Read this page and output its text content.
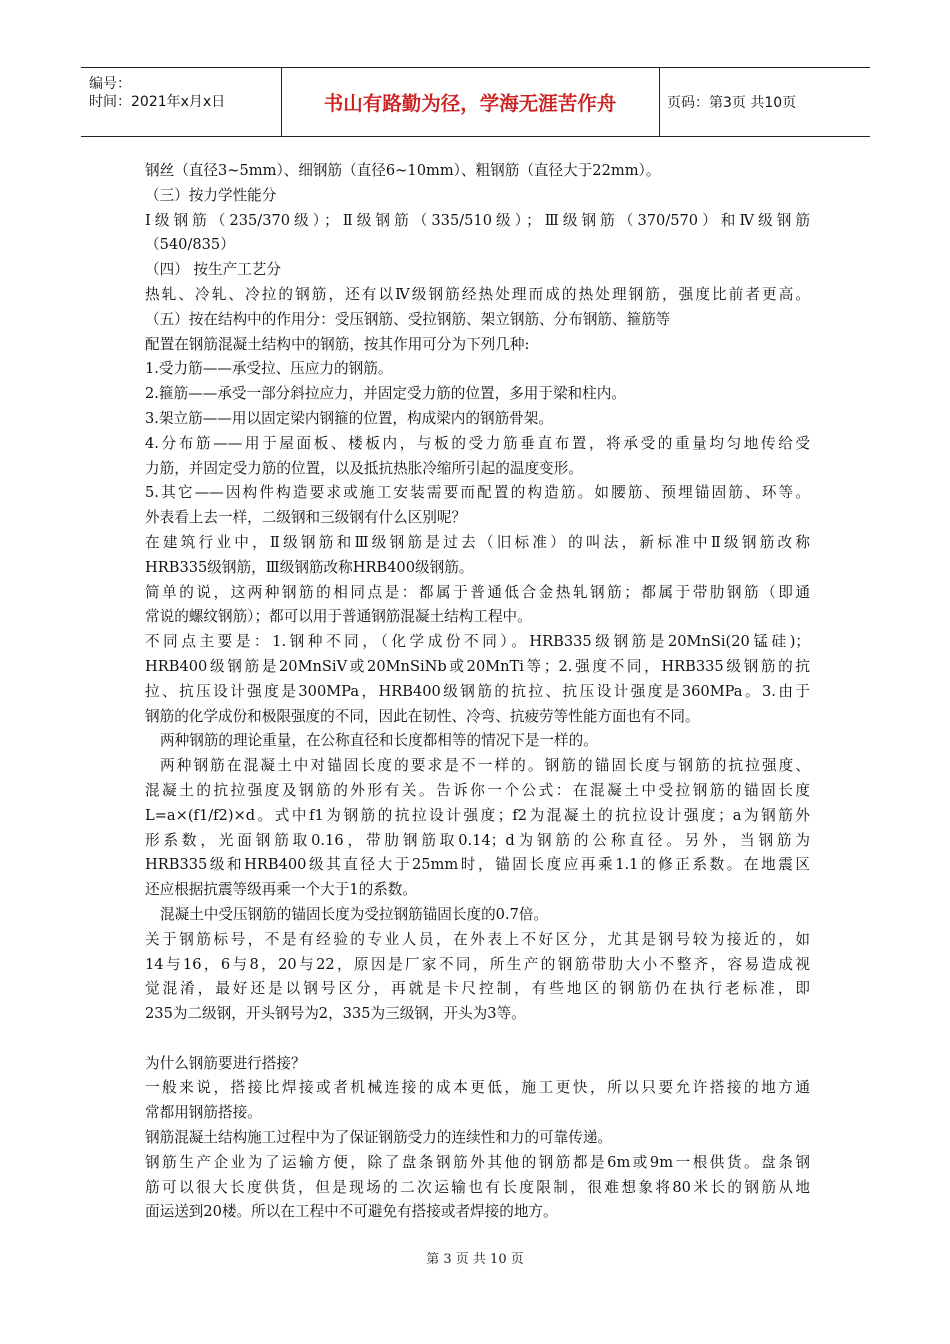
编号：
时间：2021年x月x日	书山有路勤为径，学海无涯苦作舟	页码：第3页 共10页
钢丝（直径3~5mm）、细钢筋（直径6~10mm）、粗钢筋（直径大于22mm）。
（三）按力学性能分
Ⅰ级钢筋（235/370级）；Ⅱ级钢筋（335/510级）；Ⅲ级钢筋（370/570）和Ⅳ级钢筋
（540/835）
（四） 按生产工艺分
热轧、冷轧、冷拉的钢筋，还有以Ⅳ级钢筋经热处理而成的热处理钢筋，强度比前者更高。
（五）按在结构中的作用分：受压钢筋、受拉钢筋、架立钢筋、分布钢筋、箍筋等
配置在钢筋混凝土结构中的钢筋，按其作用可分为下列几种:
1.受力筋——承受拉、压应力的钢筋。
2.箍筋——承受一部分斜拉应力，并固定受力筋的位置，多用于梁和柱内。
3.架立筋——用以固定梁内钢箍的位置，构成梁内的钢筋骨架。
4.分布筋——用于屋面板、楼板内，与板的受力筋垂直布置，将承受的重量均匀地传给受
力筋，并固定受力筋的位置，以及抵抗热胀冷缩所引起的温度变形。
5.其它——因构件构造要求或施工安装需要而配置的构造筋。如腰筋、预埋锚固筋、环等。
外表看上去一样，二级钢和三级钢有什么区别呢？
在建筑行业中，Ⅱ级钢筋和Ⅲ级钢筋是过去（旧标准）的叫法，新标准中Ⅱ级钢筋改称
HRB335级钢筋，Ⅲ级钢筋改称HRB400级钢筋。
简单的说，这两种钢筋的相同点是：都属于普通低合金热轧钢筋；都属于带肋钢筋（即通
常说的螺纹钢筋）；都可以用于普通钢筋混凝土结构工程中。
不同点主要是：1.钢种不同，（化学成份不同）。HRB335级钢筋是20MnSi(20锰硅)；
HRB400级钢筋是20MnSiV或20MnSiNb或20MnTi等；2.强度不同，HRB335级钢筋的抗
拉、抗压设计强度是300MPa，HRB400级钢筋的抗拉、抗压设计强度是360MPa。3.由于
钢筋的化学成份和极限强度的不同，因此在韧性、冷弯、抗疲劳等性能方面也有不同。
两种钢筋的理论重量，在公称直径和长度都相等的情况下是一样的。
两种钢筋在混凝土中对锚固长度的要求是不一样的。钢筋的锚固长度与钢筋的抗拉强度、
混凝土的抗拉强度及钢筋的外形有关。告诉你一个公式：在混凝土中受拉钢筋的锚固长度
L=a×(f1/f2)×d。式中f1为钢筋的抗拉设计强度；f2为混凝土的抗拉设计强度；a为钢筋外
形系数，光面钢筋取0.16，带肋钢筋取0.14；d为钢筋的公称直径。另外，当钢筋为
HRB335级和HRB400级其直径大于25mm时，锚固长度应再乘1.1的修正系数。在地震区
还应根据抗震等级再乘一个大于1的系数。
混凝土中受压钢筋的锚固长度为受拉钢筋锚固长度的0.7倍。
关于钢筋标号，不是有经验的专业人员，在外表上不好区分，尤其是钢号较为接近的，如
14与16，6与8，20与22，原因是厂家不同，所生产的钢筋带肋大小不整齐，容易造成视
觉混淆，最好还是以钢号区分，再就是卡尺控制，有些地区的钢筋仍在执行老标准，即
235为二级钢，开头钢号为2，335为三级钢，开头为3等。
为什么钢筋要进行搭接？
一般来说，搭接比焊接或者机械连接的成本更低，施工更快，所以只要允许搭接的地方通
常都用钢筋搭接。
钢筋混凝土结构施工过程中为了保证钢筋受力的连续性和力的可靠传递。
钢筋生产企业为了运输方便，除了盘条钢筋外其他的钢筋都是6m或9m一根供货。盘条钢
筋可以很大长度供货，但是现场的二次运输也有长度限制，很难想象将80米长的钢筋从地
面运送到20楼。所以在工程中不可避免有搭接或者焊接的地方。
第 3 页 共 10 页
